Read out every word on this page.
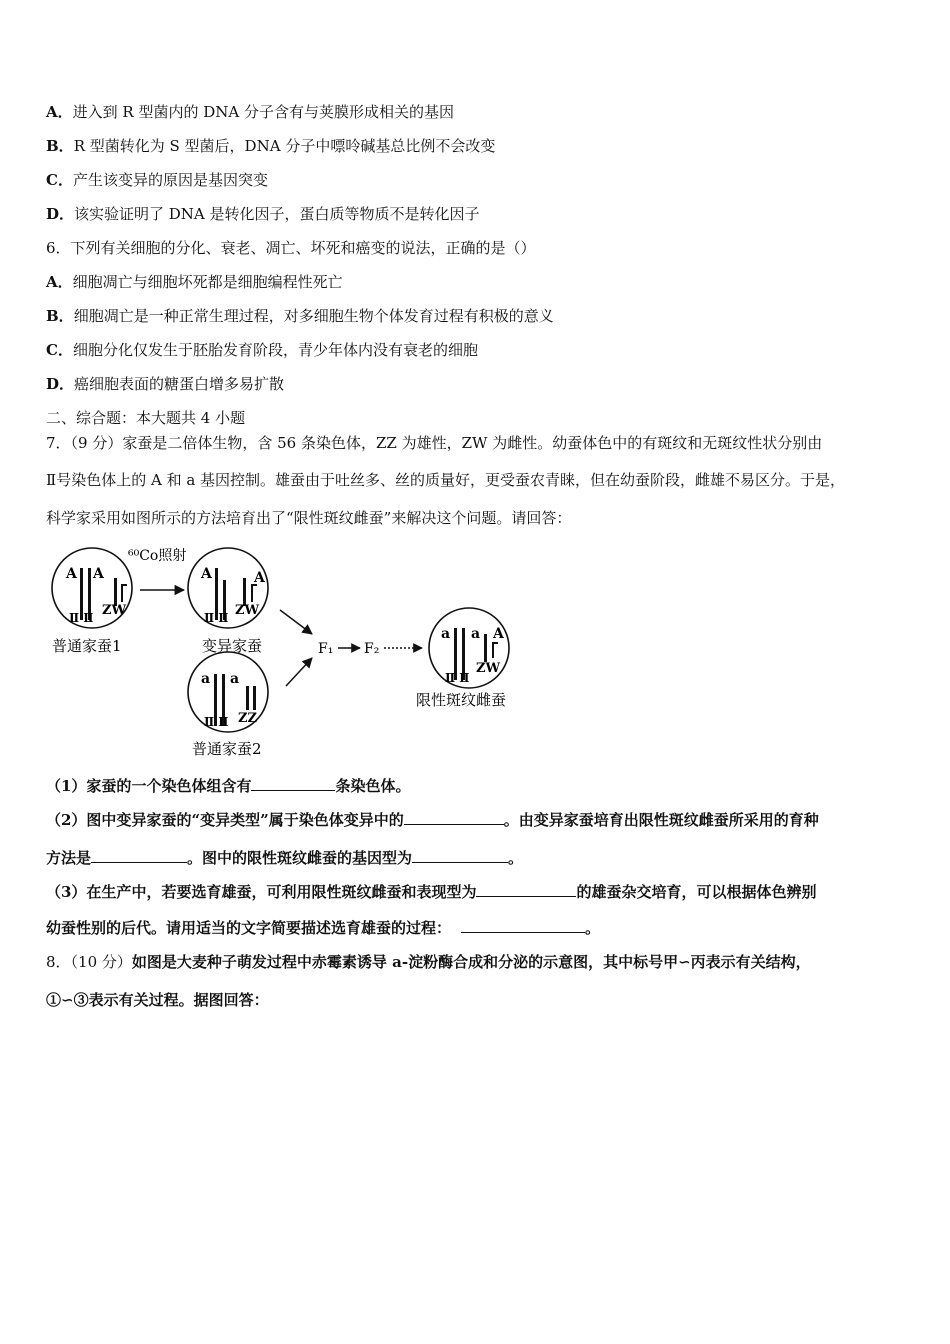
A．进入到 R 型菌内的 DNA 分子含有与荚膜形成相关的基因
B．R 型菌转化为 S 型菌后，DNA 分子中嘌呤碱基总比例不会改变
C．产生该变异的原因是基因突变
D．该实验证明了 DNA 是转化因子，蛋白质等物质不是转化因子
6．下列有关细胞的分化、衰老、凋亡、坏死和癌变的说法，正确的是（）
A．细胞凋亡与细胞坏死都是细胞编程性死亡
B．细胞凋亡是一种正常生理过程，对多细胞生物个体发育过程有积极的意义
C．细胞分化仅发生于胚胎发育阶段，青少年体内没有衰老的细胞
D．癌细胞表面的糖蛋白增多易扩散
二、综合题：本大题共 4 小题
7．（9 分）家蚕是二倍体生物，含 56 条染色体，ZZ 为雄性，ZW 为雌性。幼蚕体色中的有斑纹和无斑纹性状分别由
Ⅱ号染色体上的 A 和 a 基因控制。雄蚕由于吐丝多、丝的质量好，更受蚕农青睐，但在幼蚕阶段，雌雄不易区分。于是，
科学家采用如图所示的方法培育出了“限性斑纹雌蚕”来解决这个问题。请回答：
A A
Ⅱ Ⅱ ZW
普通家蚕1
⁶⁰Co照射
A	A
Ⅱ Ⅱ ZW
变异家蚕
a a
Ⅱ Ⅱ ZZ
普通家蚕2
F₁ F₂
a a A
Ⅱ Ⅱ
ZW
限性斑纹雌蚕
（1）家蚕的一个染色体组含有	条染色体。
（2）图中变异家蚕的“变异类型”属于染色体变异中的	。由变异家蚕培育出限性斑纹雌蚕所采用的育种
方法是	。图中的限性斑纹雌蚕的基因型为	。
（3）在生产中，若要选育雄蚕，可利用限性斑纹雌蚕和表现型为	的雄蚕杂交培育，可以根据体色辨别
幼蚕性别的后代。请用适当的文字简要描述选育雄蚕的过程：	。
8．（10 分）如图是大麦种子萌发过程中赤霉素诱导 a-淀粉酶合成和分泌的示意图，其中标号甲∽丙表示有关结构，
①∽③表示有关过程。据图回答：
